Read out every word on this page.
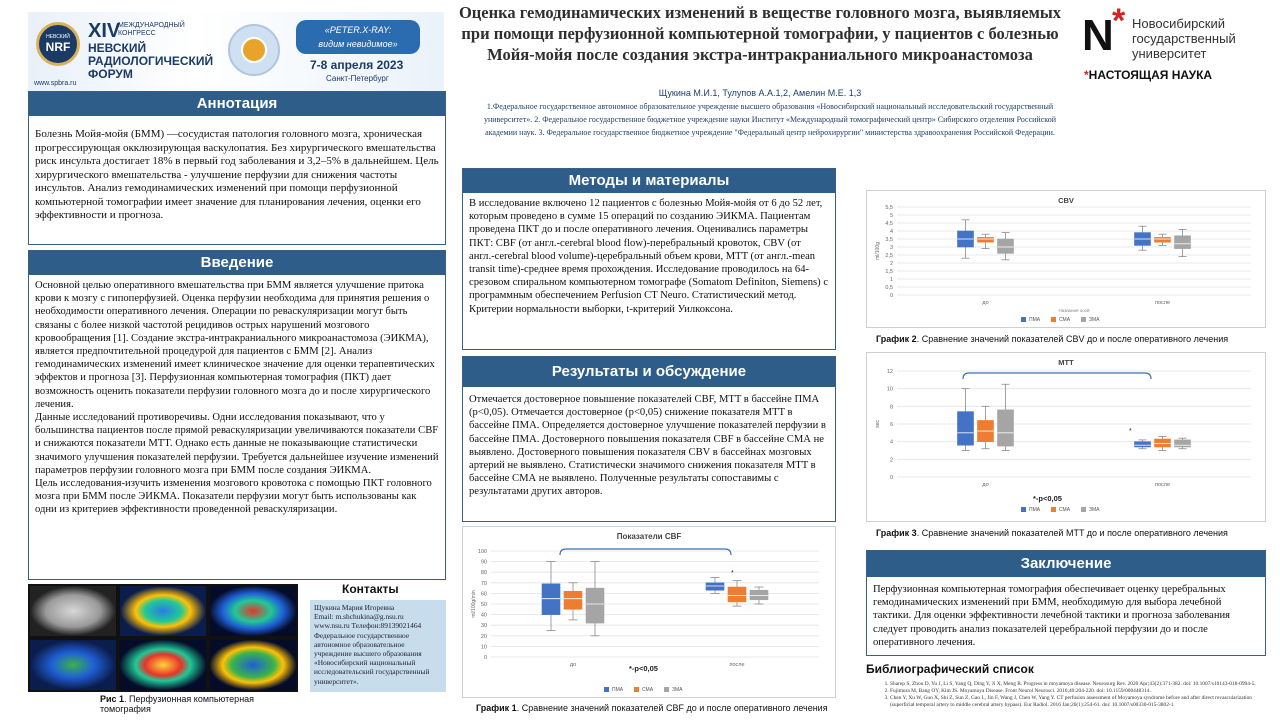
НЕВСКИЙ
NRF
XIV
МЕЖДУНАРОДНЫЙ
КОНГРЕСС
НЕВСКИЙ
РАДИОЛОГИЧЕСКИЙ
ФОРУМ
www.spbra.ru
«PETER.X-RAY:
видим невидимое»
7-8 апреля 2023
Санкт-Петербург
Оценка гемодинамических изменений в веществе головного мозга, выявляемых при помощи перфузионной компьютерной томографии, у пациентов с болезнью Мойя-мойя после создания экстра-интракраниального микроанастомоза
Щукина М.И.1, Тулупов А.А.1,2, Амелин М.Е. 1,3
1.Федеральное государственное автономное образовательное учреждение высшего образования «Новосибирский национальный исследовательский государственный университет». 2. Федеральное государственное бюджетное учреждение науки Институт «Международный томографический центр» Сибирского отделения Российской академии наук. 3. Федеральное государственное бюджетное учреждение "Федеральный центр нейрохирургии" министерства здравоохранения Российской Федерации.
N
* Новосибирский
государственный
университет
*НАСТОЯЩАЯ НАУКА
Аннотация
Болезнь Мойя-мойя (БММ) —сосудистая патология головного мозга, хроническая прогрессирующая окклюзирующая васкулопатия. Без хирургического вмешательства риск инсульта достигает 18% в первый год заболевания и 3,2–5% в дальнейшем. Цель хирургического вмешательства - улучшение перфузии для снижения частоты инсультов. Анализ гемодинамических изменений при помощи перфузионной компьютерной томографии имеет значение для планирования лечения, оценки его эффективности и прогноза.
Введение

Основной целью оперативного вмешательства при БММ является улучшение притока крови к мозгу с гипоперфузией. Оценка перфузии необходима для принятия решения о необходимости оперативного лечения. Операции по реваскуляризации могут быть связаны с более низкой частотой рецидивов острых нарушений мозгового кровообращения [1]. Создание экстра-интракраниального микроанастомоза (ЭИКМА), является предпочтительной процедурой для пациентов с БММ [2]. Анализ гемодинамических изменений имеет клиническое значение для оценки терапевтических эффектов и прогноза [3]. Перфузионная компьютерная томография (ПКТ) дает возможность оценить показатели перфузии головного мозга до и после хирургического лечения.

Данные исследований противоречивы. Одни исследования показывают, что у большинства пациентов после прямой реваскуляризации увеличиваются показатели CBF и снижаются показатели MTT. Однако есть данные не показывающие статистически значимого улучшения показателей перфузии. Требуется дальнейшее изучение изменений параметров перфузии головного мозга при БММ после создания ЭИКМА.

Цель исследования-изучить изменения мозгового кровотока с помощью ПКТ головного мозга при БММ после ЭИКМА. Показатели перфузии могут быть использованы как одни из критериев эффективности проведенной реваскуляризации.

Рис 1. Перфузионная компьютерная томография
Контакты
Щукина Мария Игоревна
Email: m.shchukina@g.nsu.ru
www.nsu.ru Телефон:89139021464
Федеральное государственное автономное образовательное учреждение высшего образования «Новосибирский национальный исследовательский государственный университет».
Методы и материалы
В исследование включено 12 пациентов с болезнью Мойя-мойя от 6 до 52 лет, которым проведено в сумме 15 операций по созданию ЭИКМА. Пациентам проведена ПКТ до и после оперативного лечения. Оценивались параметры ПКТ: CBF (от англ.-cerebral blood flow)-перебральный кровоток, CBV (от англ.-cerebral blood volume)-церебральный объем крови, MTT (от англ.-mean transit time)-среднее время прохождения. Исследование проводилось на 64-срезовом спиральном компьютерном томографе (Somatom Definiton, Siemens) с программным обеспечением Perfusion CT Neuro. Статистический метод. Критерии нормальности выборки, t-критерий Уилкоксона.
Результаты и обсуждение
Отмечается достоверное повышение показателей CBF, MTT в бассейне ПМА (p<0,05). Отмечается достоверное (p<0,05) снижение показателя MTT в бассейне ПМА. Определяется достоверное улучшение показателей перфузии в бассейне ПМА. Достоверного повышения показателя CBF в бассейне СМА не выявлено. Достоверного повышения показателя CBV в бассейнах мозговых артерий не выявлено. Статистически значимого снижения показателя MTT в бассейне СМА не выявлено. Полученные результаты сопоставимы с результатами других авторов.
Показатели CBF
0
10
20
30
40
50
60
70
80
90
100
ml/100g/min
до	после
ПМА	СМА	ЗМА
*
*-p<0,05
График 1. Сравнение значений показателей CBF до и после оперативного лечения
CBV
0
0,5
1
1,5
2
2,5
3
3,5
4
4,5
5
5,5
ml/100g
до	после
Названия осей
ПМА	СМА	ЗМА
График 2. Сравнение значений показателей CBV до и после оперативного лечения
MTT
0
2
4
6
8
10
12
sec
до	после
ПМА	СМА	ЗМА
*
*-p<0,05
График 3. Сравнение значений показателей MTT до и после оперативного лечения
Заключение
Перфузионная компьютерная томография обеспечивает оценку церебральных гемодинамических изменений при БММ, необходимую для выбора лечебной тактики. Для оценки эффективности лечебной тактики и прогноза заболевания следует проводить анализ показателей церебральной перфузии до и после оперативного лечения.
Библиографический список
1. Sharep S, Zhou D, Yu J, Li S, Yang Q, Ding Y, Ji X, Meng R. Progress in moyamoya disease. Neurosurg Rev. 2020 Apr;43(2):371-382. doi: 10.1007/s10143-018-0994-5.
2. Fujimura M, Bang OY, Kim JS. Moyamoya Disease. Front Neurol Neurosci. 2016;40:204-220. doi: 10.1159/000448314.
3. Chen Y, Xu W, Guo X, Shi Z, Sun Z, Gao L, Jin F, Wang J, Chen W, Yang Y. CT perfusion assessment of Moyamoya syndrome before and after direct revascularization (superficial temporal artery to middle cerebral artery bypass). Eur Radiol. 2016 Jan;26(1):254-61. doi: 10.1007/s00330-015-3802-1.
